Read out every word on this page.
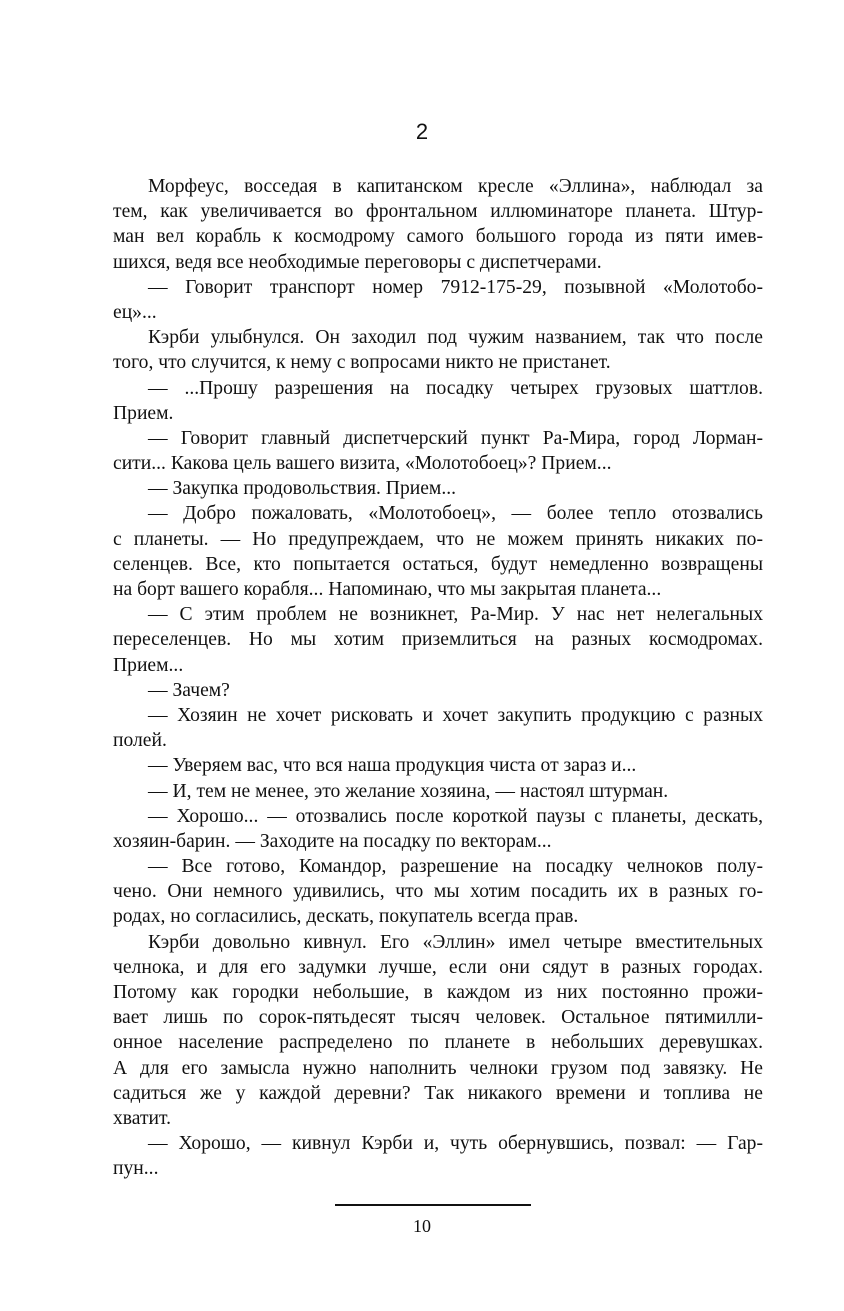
2
Морфеус, восседая в капитанском кресле «Эллина», наблюдал за
тем, как увеличивается во фронтальном иллюминаторе планета. Штур-
ман вел корабль к космодрому самого большого города из пяти имев-
шихся, ведя все необходимые переговоры с диспетчерами.
— Говорит транспорт номер 7912-175-29, позывной «Молотобо-
ец»...
Кэрби улыбнулся. Он заходил под чужим названием, так что после
того, что случится, к нему с вопросами никто не пристанет.
— ...Прошу разрешения на посадку четырех грузовых шаттлов.
Прием.
— Говорит главный диспетчерский пункт Ра-Мира, город Лорман-
сити... Какова цель вашего визита, «Молотобоец»? Прием...
— Закупка продовольствия. Прием...
— Добро пожаловать, «Молотобоец», — более тепло отозвались
с планеты. — Но предупреждаем, что не можем принять никаких по-
селенцев. Все, кто попытается остаться, будут немедленно возвращены
на борт вашего корабля... Напоминаю, что мы закрытая планета...
— С этим проблем не возникнет, Ра-Мир. У нас нет нелегальных
переселенцев. Но мы хотим приземлиться на разных космодромах.
Прием...
— Зачем?
— Хозяин не хочет рисковать и хочет закупить продукцию с разных
полей.
— Уверяем вас, что вся наша продукция чиста от зараз и...
— И, тем не менее, это желание хозяина, — настоял штурман.
— Хорошо... — отозвались после короткой паузы с планеты, дескать,
хозяин-барин. — Заходите на посадку по векторам...
— Все готово, Командор, разрешение на посадку челноков полу-
чено. Они немного удивились, что мы хотим посадить их в разных го-
родах, но согласились, дескать, покупатель всегда прав.
Кэрби довольно кивнул. Его «Эллин» имел четыре вместительных
челнока, и для его задумки лучше, если они сядут в разных городах.
Потому как городки небольшие, в каждом из них постоянно прожи-
вает лишь по сорок-пятьдесят тысяч человек. Остальное пятимилли-
онное население распределено по планете в небольших деревушках.
А для его замысла нужно наполнить челноки грузом под завязку. Не
садиться же у каждой деревни? Так никакого времени и топлива не
хватит.
— Хорошо, — кивнул Кэрби и, чуть обернувшись, позвал: — Гар-
пун...
10
